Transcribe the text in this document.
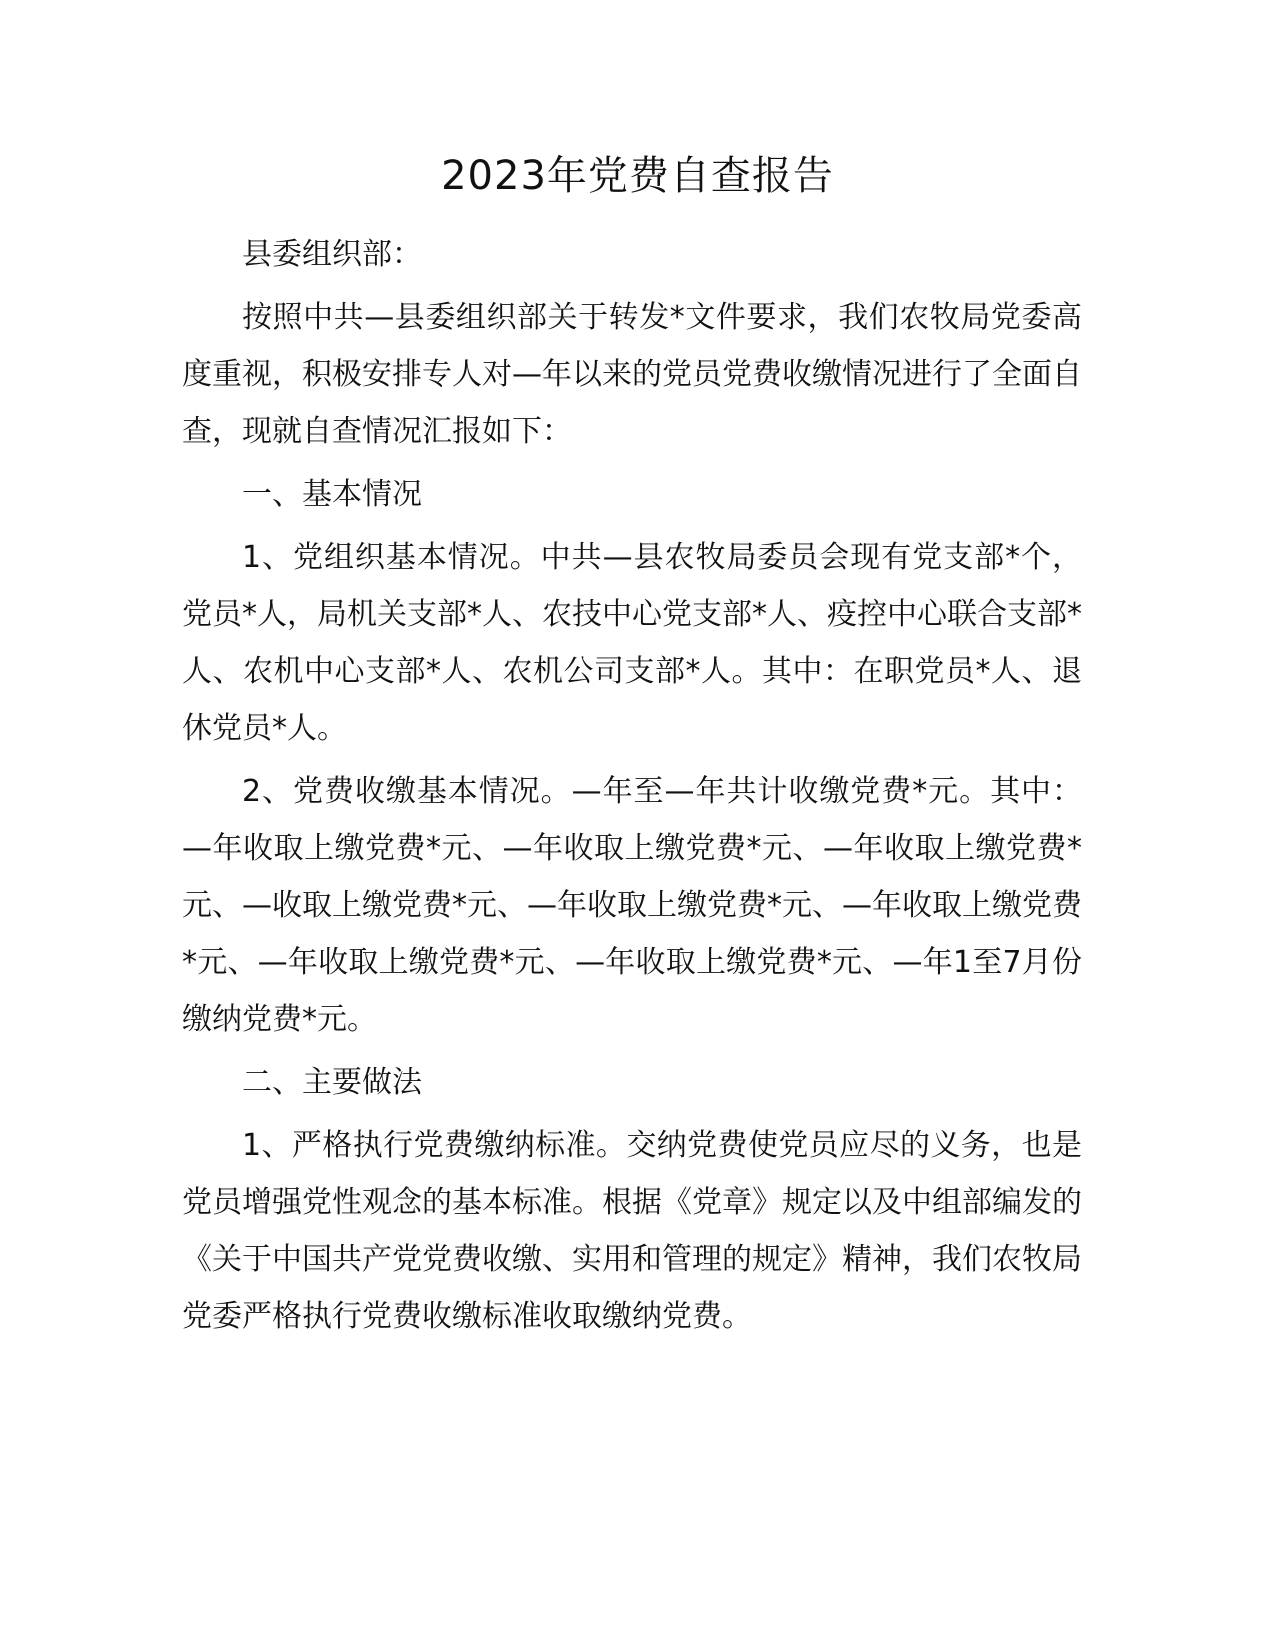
2023年党费自查报告

县委组织部：

按照中共—县委组织部关于转发*文件要求，我们农牧局党委高度重视，积极安排专人对—年以来的党员党费收缴情况进行了全面自查，现就自查情况汇报如下：

一、基本情况

1、党组织基本情况。中共—县农牧局委员会现有党支部*个，党员*人，局机关支部*人、农技中心党支部*人、疫控中心联合支部*人、农机中心支部*人、农机公司支部*人。其中：在职党员*人、退休党员*人。

2、党费收缴基本情况。—年至—年共计收缴党费*元。其中：—年收取上缴党费*元、—年收取上缴党费*元、—年收取上缴党费*元、—收取上缴党费*元、—年收取上缴党费*元、—年收取上缴党费*元、—年收取上缴党费*元、—年收取上缴党费*元、—年1至7月份缴纳党费*元。

二、主要做法

1、严格执行党费缴纳标准。交纳党费使党员应尽的义务，也是党员增强党性观念的基本标准。根据《党章》规定以及中组部编发的《关于中国共产党党费收缴、实用和管理的规定》精神，我们农牧局党委严格执行党费收缴标准收取缴纳党费。
